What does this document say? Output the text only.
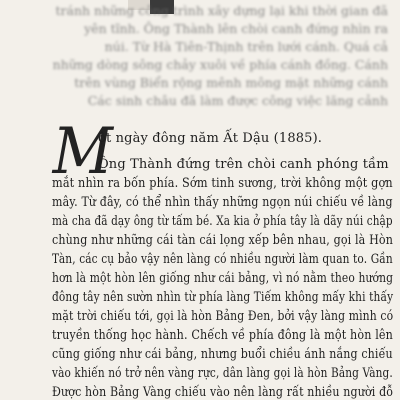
tránh những công trình xây dựng lại khi thời gian đã

yên tĩnh. Ông Thành lên chòi canh đứng nhìn ra

núi. Từ Hà Tiên-Thịnh trên lưới cánh. Quá cả

những dòng sông chảy xuôi về phía cánh đồng. Cánh

trên vùng Biển rộng mênh mông mặt những cánh

Các sinh châu đã làm được công việc lăng cảnh

M
ột ngày đông năm Ất Dậu (1885).
Ông Thành đứng trên chòi canh phóng tầm
mắt nhìn ra bốn phía. Sớm tinh sương, trời không một gợn
mây. Từ đây, có thể nhìn thấy những ngọn núi chiếu về làng
mà cha đã dạy ông từ tấm bé. Xa kia ở phía tây là dãy núi chập
chùng như những cái tàn cái lọng xếp bên nhau, gọi là Hòn
Tàn, các cụ bảo vậy nên làng có nhiều người làm quan to. Gần
hơn là một hòn lên giống như cái bảng, vì nó nằm theo hướng
đông tây nên sườn nhìn từ phía làng Tiếm không mấy khi thấy
mặt trời chiếu tới, gọi là hòn Bảng Đen, bởi vậy làng mình có
truyền thống học hành. Chếch về phía đông là một hòn lên
cũng giống như cái bảng, nhưng buổi chiều ánh nắng chiếu
vào khiến nó trở nên vàng rực, dân làng gọi là hòn Bảng Vàng.
Được hòn Bảng Vàng chiếu vào nên làng rất nhiều người đỗ
